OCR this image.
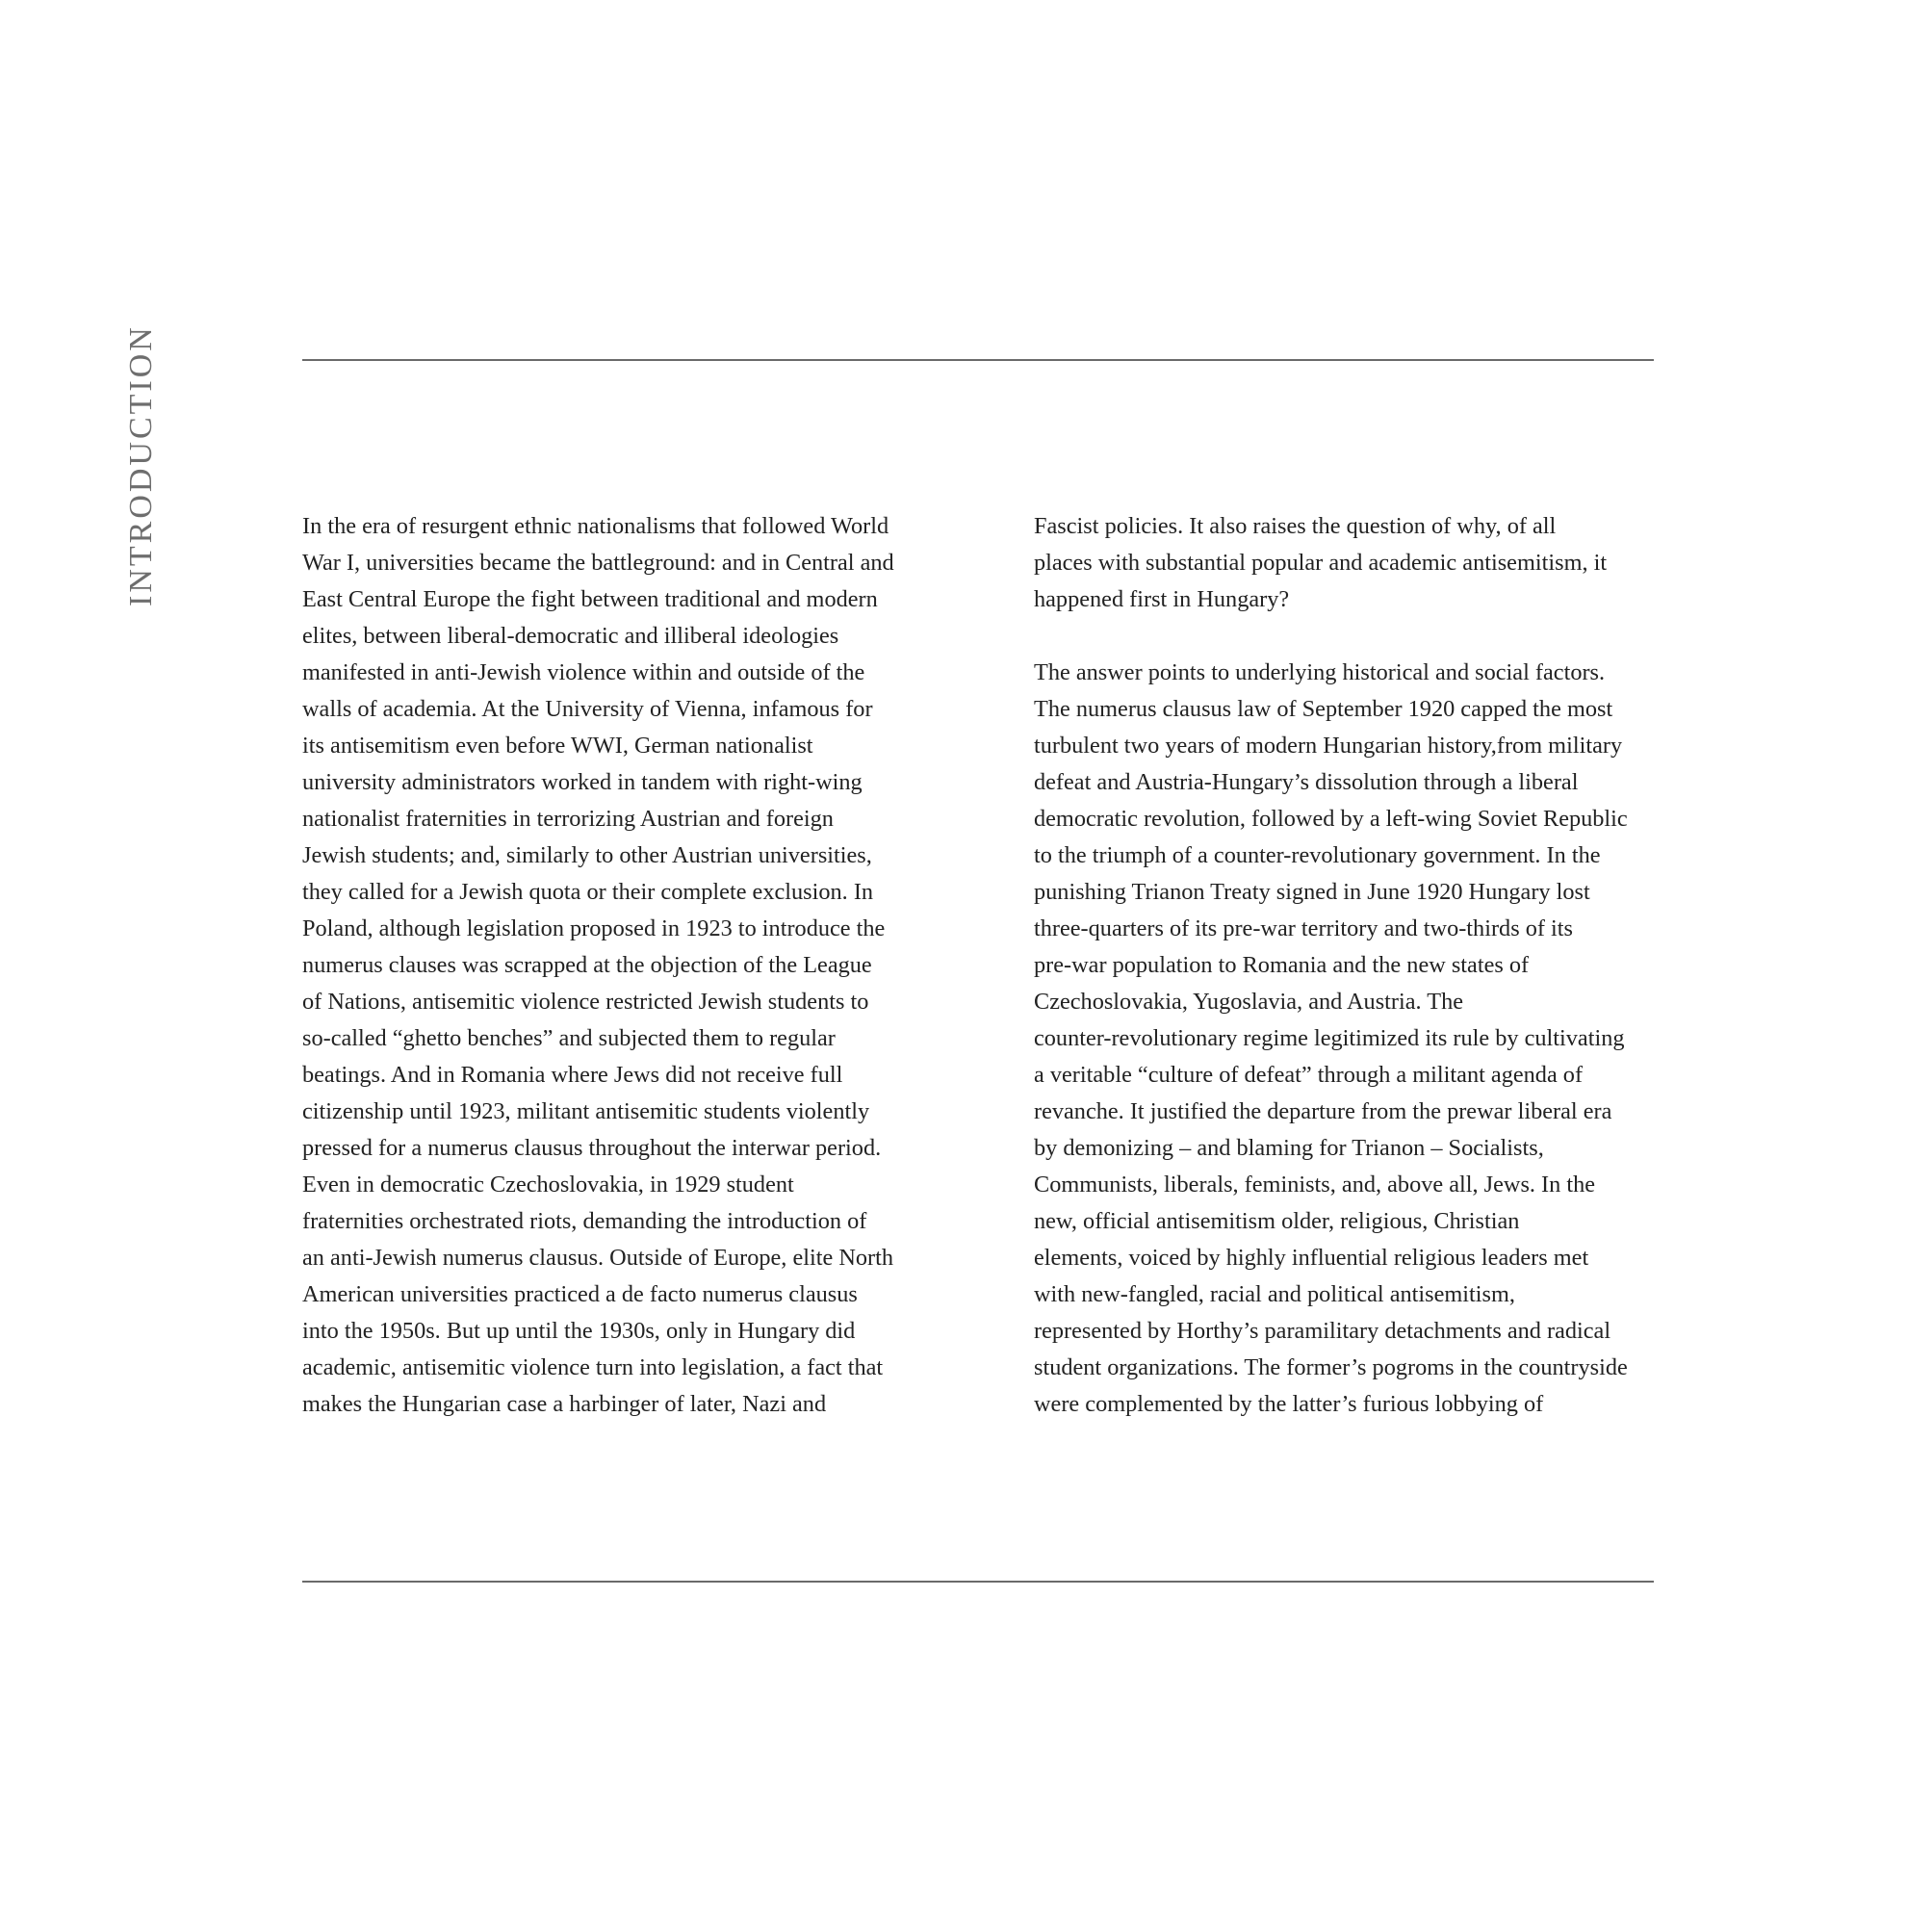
INTRODUCTION	In the era of resurgent ethnic nationalisms that followed World
War I, universities became the battleground: and in Central and
East Central Europe the fight between traditional and modern
elites, between liberal-democratic and illiberal ideologies
manifested in anti-Jewish violence within and outside of the
walls of academia. At the University of Vienna, infamous for
its antisemitism even before WWI, German nationalist
university administrators worked in tandem with right-wing
nationalist fraternities in terrorizing Austrian and foreign
Jewish students; and, similarly to other Austrian universities,
they called for a Jewish quota or their complete exclusion. In
Poland, although legislation proposed in 1923 to introduce the
numerus clauses was scrapped at the objection of the League
of Nations, antisemitic violence restricted Jewish students to
so-called “ghetto benches” and subjected them to regular
beatings. And in Romania where Jews did not receive full
citizenship until 1923, militant antisemitic students violently
pressed for a numerus clausus throughout the interwar period.
Even in democratic Czechoslovakia, in 1929 student
fraternities orchestrated riots, demanding the introduction of
an anti-Jewish numerus clausus. Outside of Europe, elite North
American universities practiced a de facto numerus clausus
into the 1950s. But up until the 1930s, only in Hungary did
academic, antisemitic violence turn into legislation, a fact that
makes the Hungarian case a harbinger of later, Nazi and
Fascist policies. It also raises the question of why, of all
places with substantial popular and academic antisemitism, it
happened first in Hungary?
The answer points to underlying historical and social factors.
The numerus clausus law of September 1920 capped the most
turbulent two years of modern Hungarian history,from military
defeat and Austria-Hungary’s dissolution through a liberal
democratic revolution, followed by a left-wing Soviet Republic
to the triumph of a counter-revolutionary government. In the
punishing Trianon Treaty signed in June 1920 Hungary lost
three-quarters of its pre-war territory and two-thirds of its
pre-war population to Romania and the new states of
Czechoslovakia, Yugoslavia, and Austria. The
counter-revolutionary regime legitimized its rule by cultivating
a veritable “culture of defeat” through a militant agenda of
revanche. It justified the departure from the prewar liberal era
by demonizing – and blaming for Trianon – Socialists,
Communists, liberals, feminists, and, above all, Jews. In the
new, official antisemitism older, religious, Christian
elements, voiced by highly influential religious leaders met
with new-fangled, racial and political antisemitism,
represented by Horthy’s paramilitary detachments and radical
student organizations. The former’s pogroms in the countryside
were complemented by the latter’s furious lobbying of
